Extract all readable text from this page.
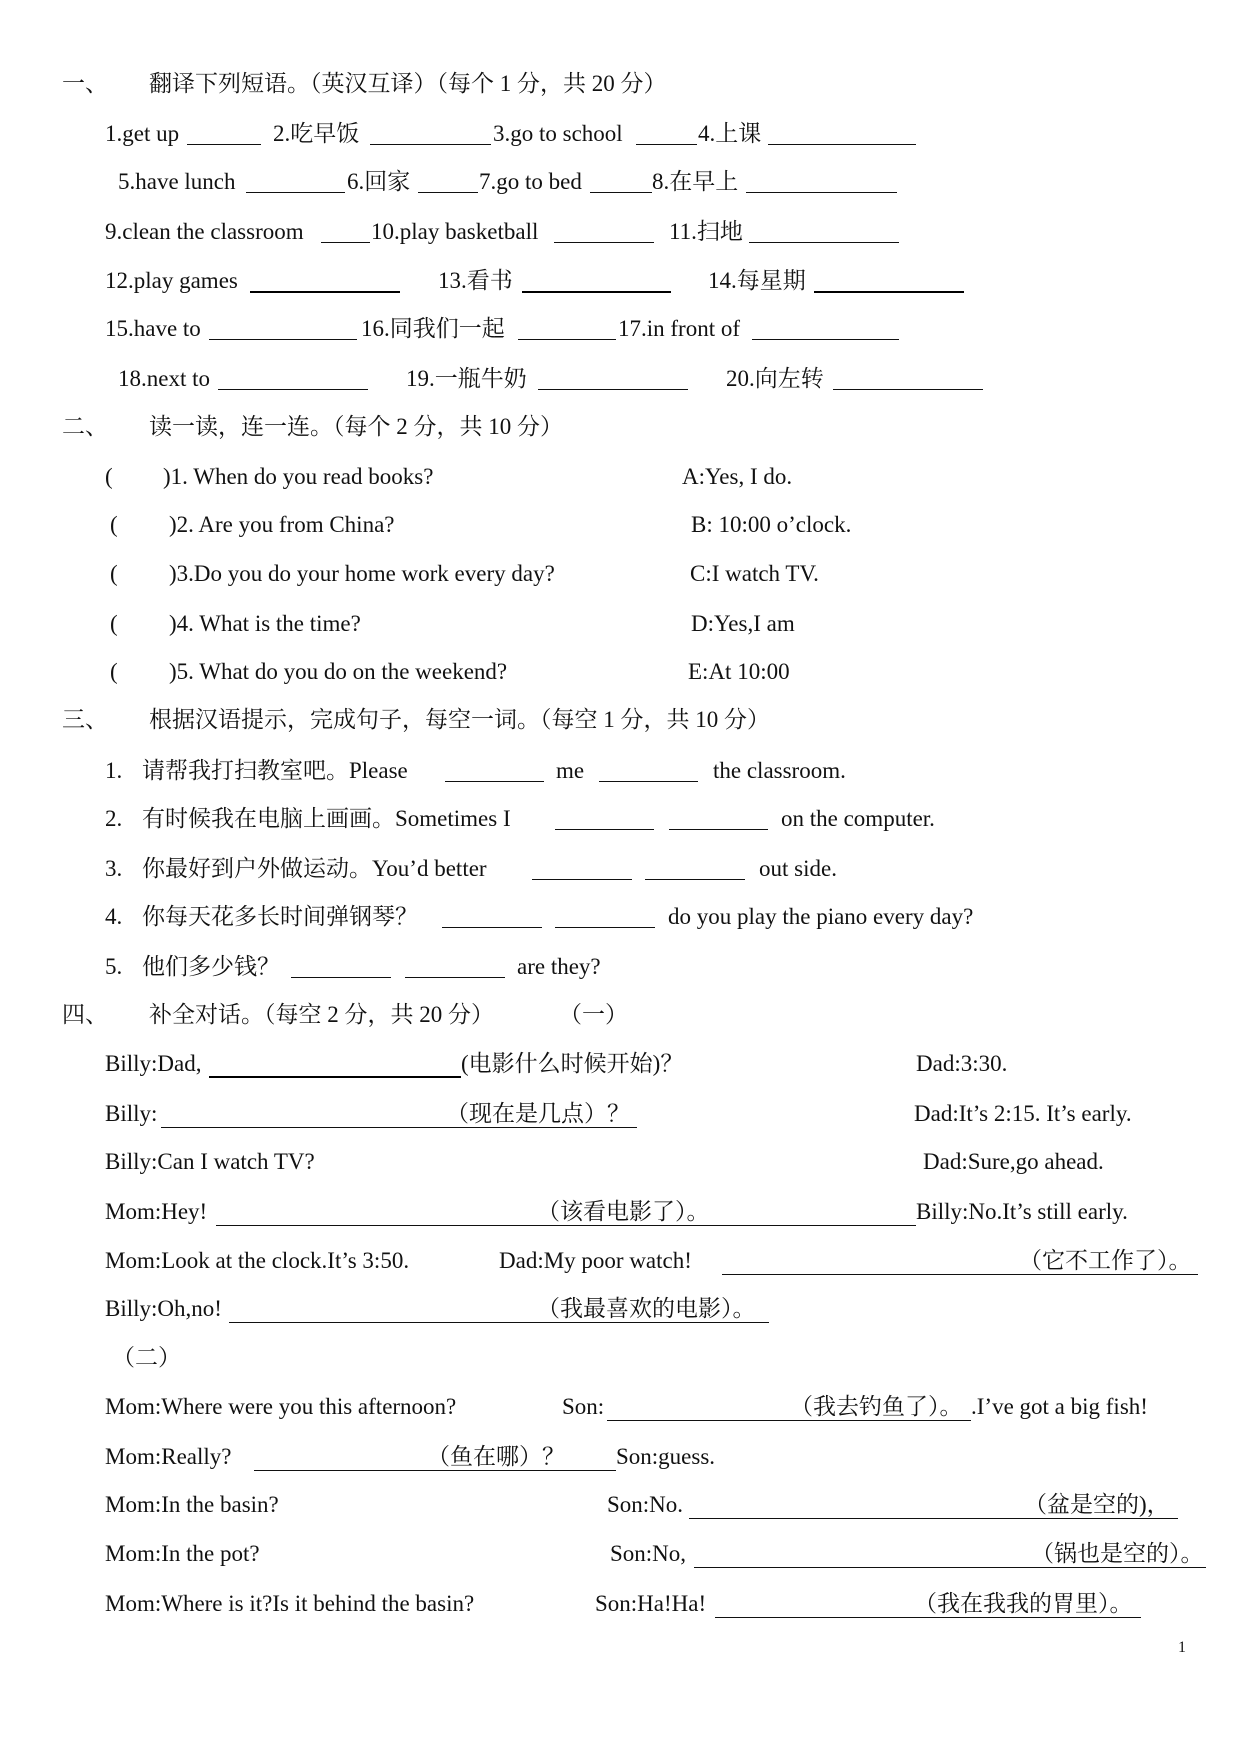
一、 翻译下列短语。（英汉互译）（每个 1 分，共 20 分）
1.get up	2.吃早饭	3.go to school	4.上课
5.have lunch	6.回家	7.go to bed	8.在早上
9.clean the classroom	10.play basketball	11.扫地
12.play games	13.看书	14.每星期
15.have to	16.同我们一起	17.in front of
18.next to	19.一瓶牛奶	20.向左转
二、 读一读，连一连。（每个 2 分，共 10 分）
( )1. When do you read books?	A:Yes, I do.
( )2. Are you from China?	B: 10:00 o’clock.
( )3.Do you do your home work every day?	C:I watch TV.
( )4. What is the time?	D:Yes,I am
( )5. What do you do on the weekend?	E:At 10:00
三、 根据汉语提示，完成句子，每空一词。（每空 1 分，共 10 分）
1. 请帮我打扫教室吧。Please	me	the classroom.
2. 有时候我在电脑上画画。Sometimes I	on the computer.
3. 你最好到户外做运动。You’d better	out side.
4. 你每天花多长时间弹钢琴？	do you play the piano every day?
5. 他们多少钱？	are they?
四、 补全对话。（每空 2 分，共 20 分）	（一）
Billy:Dad,	(电影什么时候开始)？	Dad:3:30.
Billy:	（现在是几点）？	Dad:It’s 2:15. It’s early.
Billy:Can I watch TV?	Dad:Sure,go ahead.
Mom:Hey!	（该看电影了）。	Billy:No.It’s still early.
Mom:Look at the clock.It’s 3:50.	Dad:My poor watch!	（它不工作了）。
Billy:Oh,no!	（我最喜欢的电影）。
（二）
Mom:Where were you this afternoon?	Son:	（我去钓鱼了）。 .I’ve got a big fish!
Mom:Really?	（鱼在哪）？ Son:guess.
Mom:In the basin?	Son:No.	（盆是空的)，
Mom:In the pot?	Son:No,	（锅也是空的）。
Mom:Where is it?Is it behind the basin?	Son:Ha!Ha!	（我在我我的胃里）。
1
